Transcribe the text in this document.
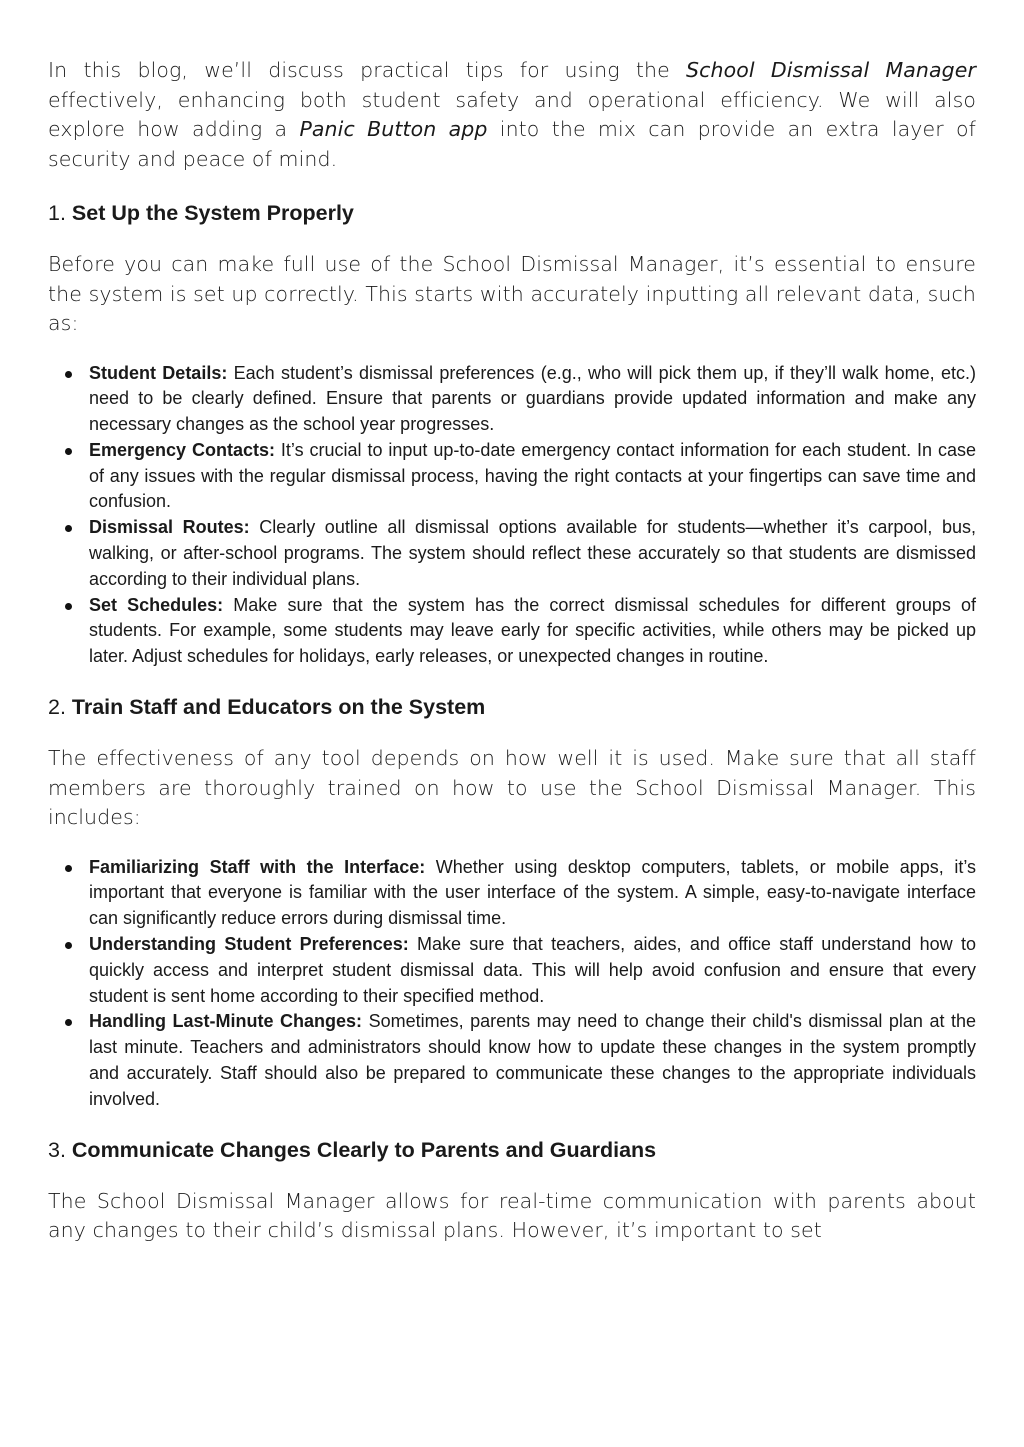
In this blog, we’ll discuss practical tips for using the School Dismissal Manager effectively, enhancing both student safety and operational efficiency. We will also explore how adding a Panic Button app into the mix can provide an extra layer of security and peace of mind.

1. Set Up the System Properly

Before you can make full use of the School Dismissal Manager, it’s essential to ensure the system is set up correctly. This starts with accurately inputting all relevant data, such as:

Student Details: Each student’s dismissal preferences (e.g., who will pick them up, if they’ll walk home, etc.) need to be clearly defined. Ensure that parents or guardians provide updated information and make any necessary changes as the school year progresses.
Emergency Contacts: It’s crucial to input up-to-date emergency contact information for each student. In case of any issues with the regular dismissal process, having the right contacts at your fingertips can save time and confusion.
Dismissal Routes: Clearly outline all dismissal options available for students—whether it’s carpool, bus, walking, or after-school programs. The system should reflect these accurately so that students are dismissed according to their individual plans.
Set Schedules: Make sure that the system has the correct dismissal schedules for different groups of students. For example, some students may leave early for specific activities, while others may be picked up later. Adjust schedules for holidays, early releases, or unexpected changes in routine.
2. Train Staff and Educators on the System

The effectiveness of any tool depends on how well it is used. Make sure that all staff members are thoroughly trained on how to use the School Dismissal Manager. This includes:

Familiarizing Staff with the Interface: Whether using desktop computers, tablets, or mobile apps, it’s important that everyone is familiar with the user interface of the system. A simple, easy-to-navigate interface can significantly reduce errors during dismissal time.
Understanding Student Preferences: Make sure that teachers, aides, and office staff understand how to quickly access and interpret student dismissal data. This will help avoid confusion and ensure that every student is sent home according to their specified method.
Handling Last-Minute Changes: Sometimes, parents may need to change their child's dismissal plan at the last minute. Teachers and administrators should know how to update these changes in the system promptly and accurately. Staff should also be prepared to communicate these changes to the appropriate individuals involved.
3. Communicate Changes Clearly to Parents and Guardians

The School Dismissal Manager allows for real-time communication with parents about any changes to their child’s dismissal plans. However, it’s important to set
